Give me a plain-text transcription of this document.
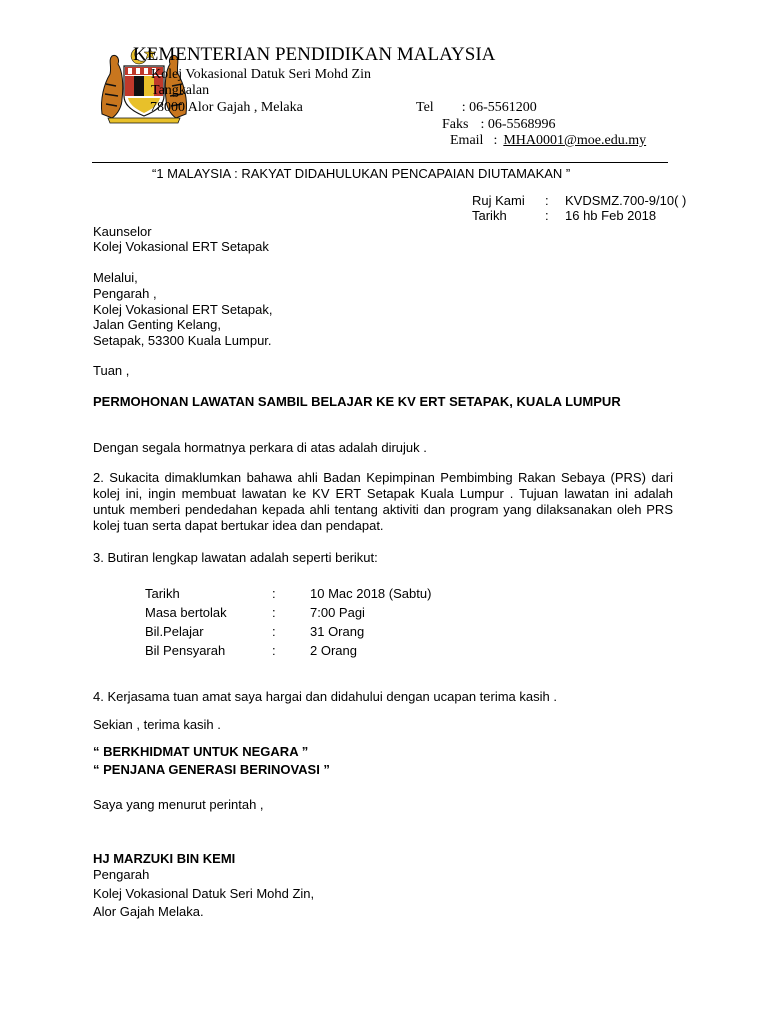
KEMENTERIAN PENDIDIKAN MALAYSIA
Kolej Vokasional Datuk Seri Mohd Zin
Tangkalan
78000 Alor Gajah , Melaka	Tel : 06-5561200
Faks : 06-5568996
Email : MHA0001@moe.edu.my
“1 MALAYSIA : RAKYAT DIDAHULUKAN PENCAPAIAN DIUTAMAKAN ”
Ruj Kami : KVDSMZ.700-9/10( )
Tarikh	: 16 hb Feb 2018
Kaunselor
Kolej Vokasional ERT Setapak
Melalui,
Pengarah ,
Kolej Vokasional ERT Setapak,
Jalan Genting Kelang,
Setapak, 53300 Kuala Lumpur.
Tuan ,
PERMOHONAN LAWATAN SAMBIL BELAJAR KE KV ERT SETAPAK, KUALA LUMPUR
Dengan segala hormatnya perkara di atas adalah dirujuk .
2. Sukacita dimaklumkan bahawa ahli Badan Kepimpinan Pembimbing Rakan Sebaya (PRS) dari kolej ini, ingin membuat lawatan ke KV ERT Setapak Kuala Lumpur . Tujuan lawatan ini adalah untuk memberi pendedahan kepada ahli tentang aktiviti dan program yang dilaksanakan oleh PRS kolej tuan serta dapat bertukar idea dan pendapat.
3. Butiran lengkap lawatan adalah seperti berikut:
Tarikh	:	10 Mac 2018 (Sabtu)
Masa bertolak	:	7:00 Pagi
Bil.Pelajar	:	31 Orang
Bil Pensyarah	:	2 Orang
4. Kerjasama tuan amat saya hargai dan didahului dengan ucapan terima kasih .
Sekian , terima kasih .
“ BERKHIDMAT UNTUK NEGARA ”
“ PENJANA GENERASI BERINOVASI ”
Saya yang menurut perintah ,
HJ MARZUKI BIN KEMI
Pengarah
Kolej Vokasional Datuk Seri Mohd Zin,
Alor Gajah Melaka.
